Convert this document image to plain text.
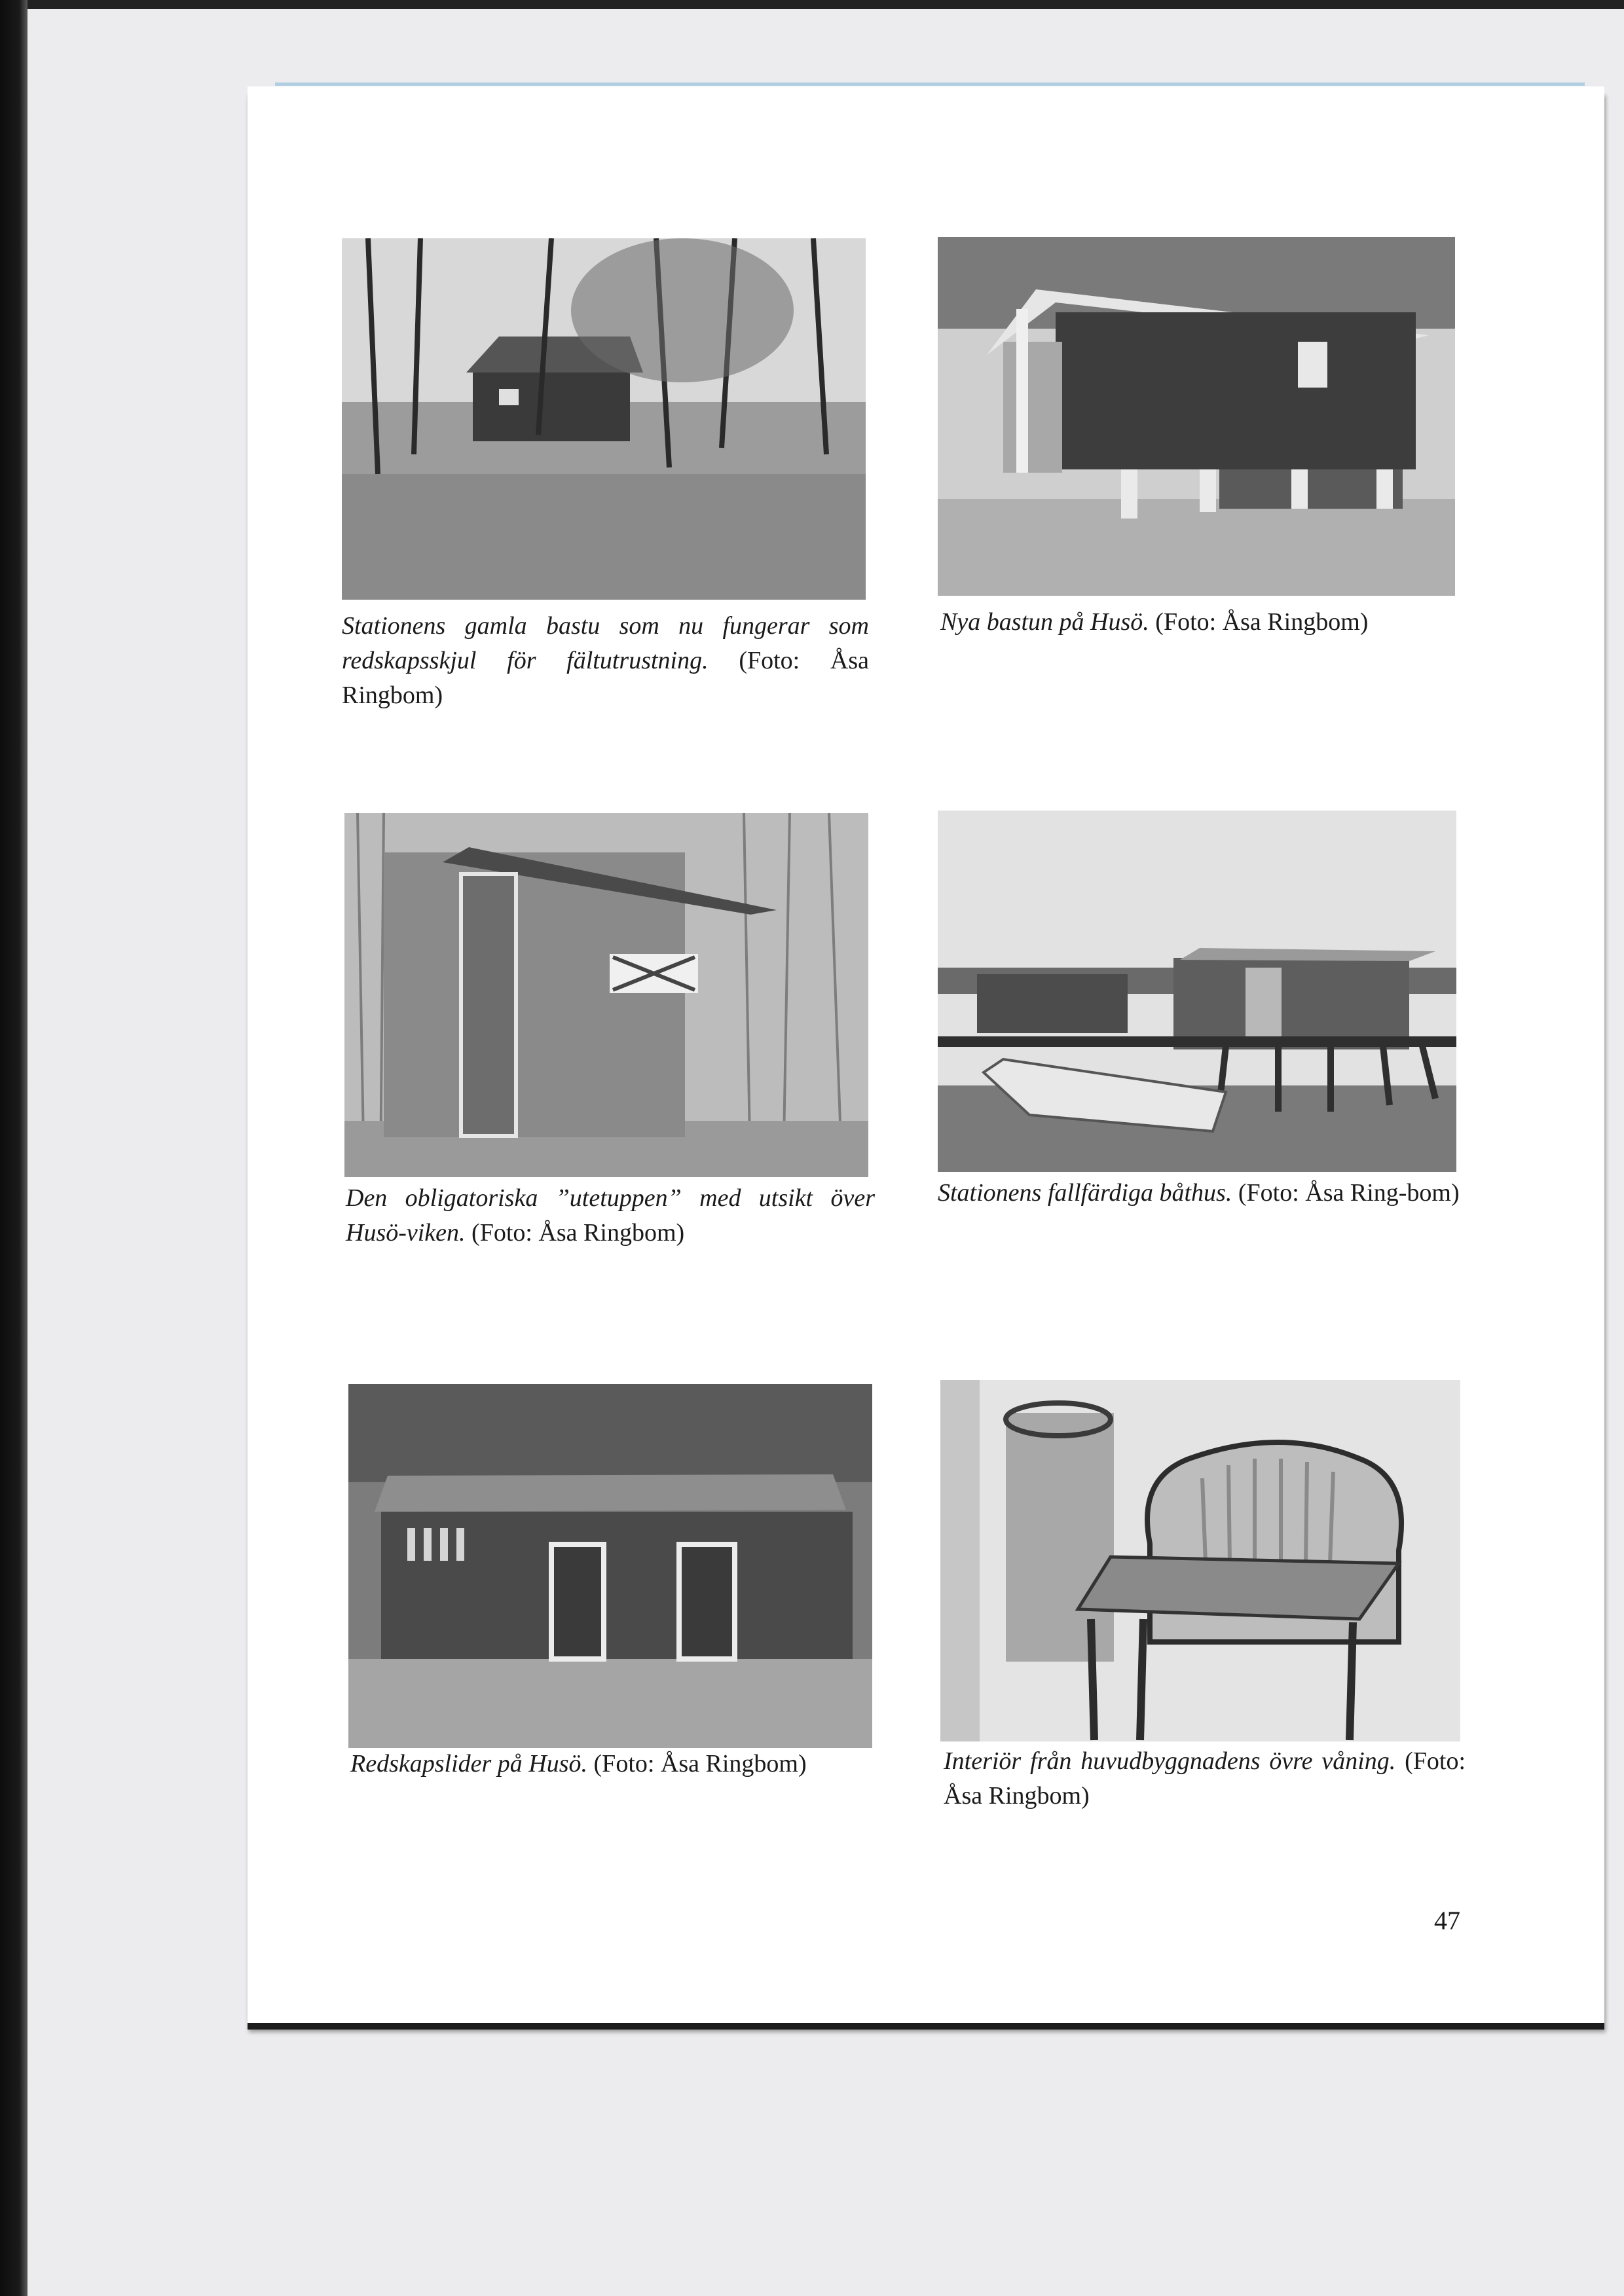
Stationens gamla bastu som nu fungerar som redskapsskjul för fältutrustning. (Foto: Åsa Ringbom)
Nya bastun på Husö. (Foto: Åsa Ringbom)
Den obligatoriska ”utetuppen” med utsikt över Husö-viken. (Foto: Åsa Ringbom)
Stationens fallfärdiga båthus. (Foto: Åsa Ring-bom)
Redskapslider på Husö. (Foto: Åsa Ringbom)	Interiör från huvudbyggnadens övre våning. (Foto: Åsa Ringbom)
47
